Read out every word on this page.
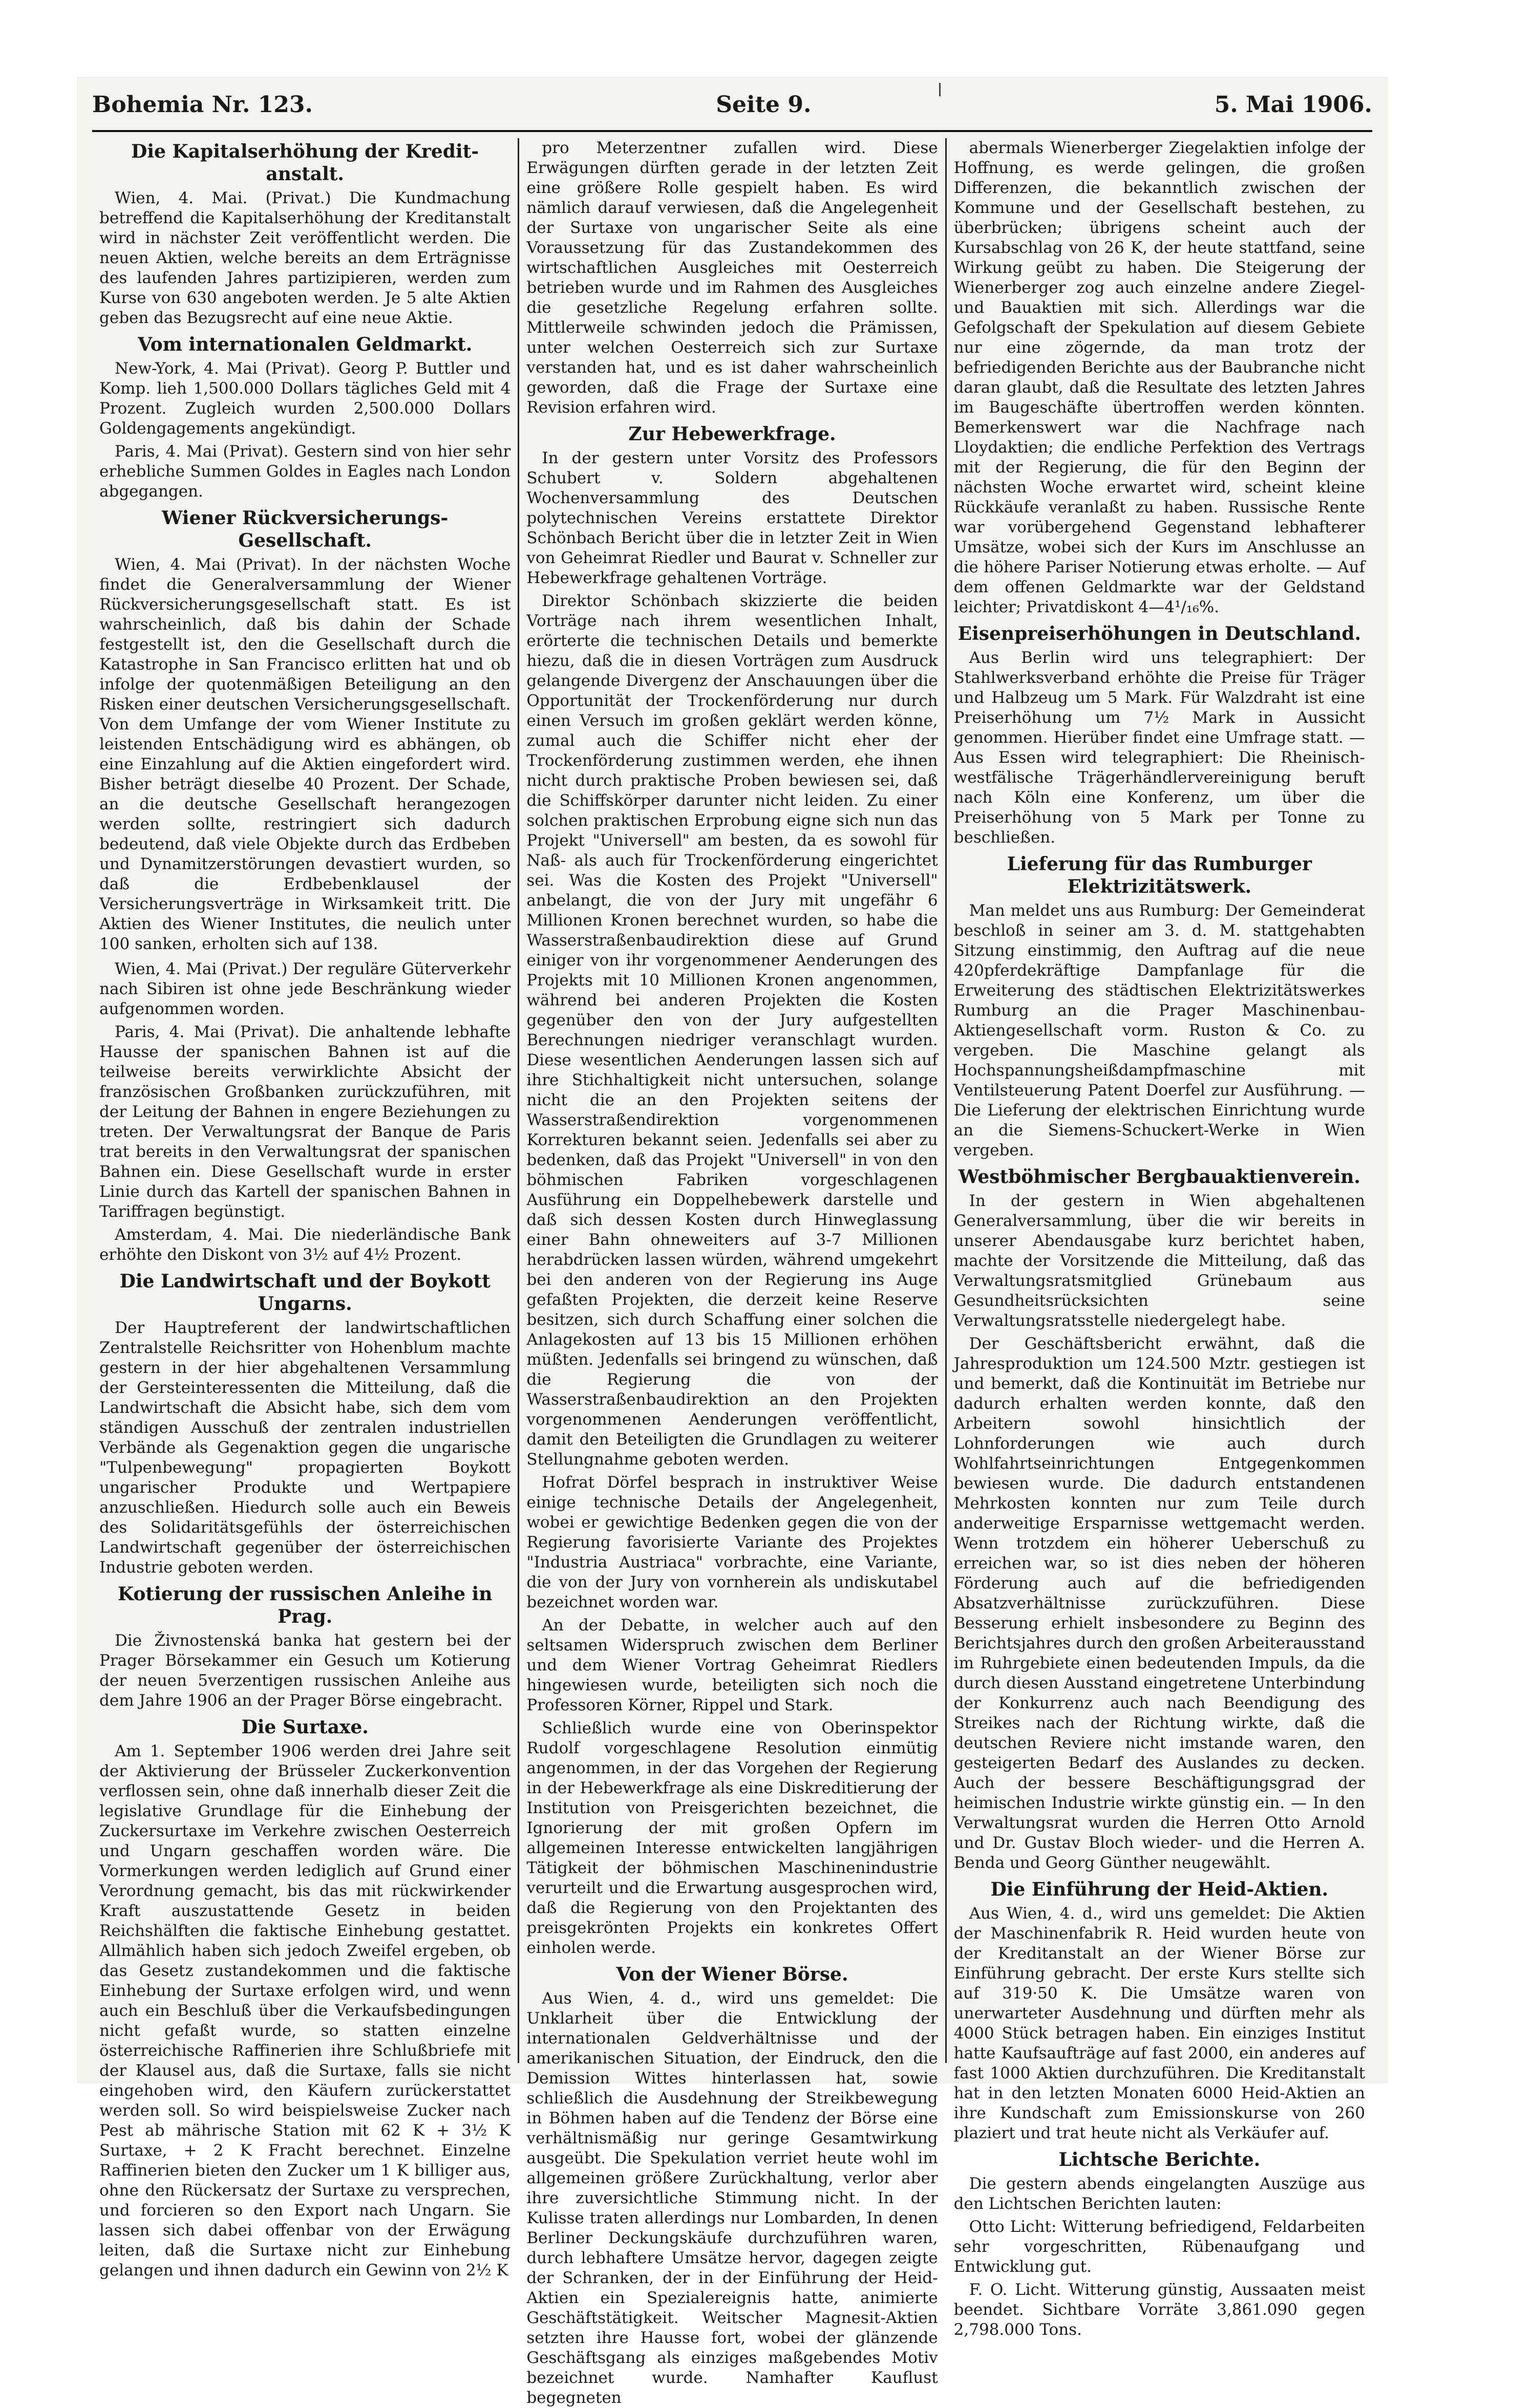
Bohemia Nr. 123.	Seite 9.	5. Mai 1906.
Die Kapitalserhöhung der Kredit-anstalt.

Wien, 4. Mai. (Privat.) Die Kundmachung betreffend die Kapitalserhöhung der Kreditanstalt wird in nächster Zeit veröffentlicht werden. Die neuen Aktien, welche bereits an dem Erträgnisse des laufenden Jahres partizipieren, werden zum Kurse von 630 angeboten werden. Je 5 alte Aktien geben das Bezugsrecht auf eine neue Aktie.

Vom internationalen Geldmarkt.

New-York, 4. Mai (Privat). Georg P. Buttler und Komp. lieh 1,500.000 Dollars tägliches Geld mit 4 Prozent. Zugleich wurden 2,500.000 Dollars Goldengagements angekündigt.

Paris, 4. Mai (Privat). Gestern sind von hier sehr erhebliche Summen Goldes in Eagles nach London abgegangen.

Wiener Rückversicherungs-Gesellschaft.

Wien, 4. Mai (Privat). In der nächsten Woche findet die Generalversammlung der Wiener Rückversicherungsgesellschaft statt. Es ist wahrscheinlich, daß bis dahin der Schade festgestellt ist, den die Gesellschaft durch die Katastrophe in San Francisco erlitten hat und ob infolge der quotenmäßigen Beteiligung an den Risken einer deutschen Versicherungsgesellschaft. Von dem Umfange der vom Wiener Institute zu leistenden Entschädigung wird es abhängen, ob eine Einzahlung auf die Aktien eingefordert wird. Bisher beträgt dieselbe 40 Prozent. Der Schade, an die deutsche Gesellschaft herangezogen werden sollte, restringiert sich dadurch bedeutend, daß viele Objekte durch das Erdbeben und Dynamitzerstörungen devastiert wurden, so daß die Erdbebenklausel der Versicherungsverträge in Wirksamkeit tritt. Die Aktien des Wiener Institutes, die neulich unter 100 sanken, erholten sich auf 138.

Wien, 4. Mai (Privat.) Der reguläre Güterverkehr nach Sibiren ist ohne jede Beschränkung wieder aufgenommen worden.

Paris, 4. Mai (Privat). Die anhaltende lebhafte Hausse der spanischen Bahnen ist auf die teilweise bereits verwirklichte Absicht der französischen Großbanken zurückzuführen, mit der Leitung der Bahnen in engere Beziehungen zu treten. Der Verwaltungsrat der Banque de Paris trat bereits in den Verwaltungsrat der spanischen Bahnen ein. Diese Gesellschaft wurde in erster Linie durch das Kartell der spanischen Bahnen in Tariffragen begünstigt.

Amsterdam, 4. Mai. Die niederländische Bank erhöhte den Diskont von 3½ auf 4½ Prozent.

Die Landwirtschaft und der Boykott Ungarns.

Der Hauptreferent der landwirtschaftlichen Zentralstelle Reichsritter von Hohenblum machte gestern in der hier abgehaltenen Versammlung der Gersteinteressenten die Mitteilung, daß die Landwirtschaft die Absicht habe, sich dem vom ständigen Ausschuß der zentralen industriellen Verbände als Gegenaktion gegen die ungarische "Tulpenbewegung" propagierten Boykott ungarischer Produkte und Wertpapiere anzuschließen. Hiedurch solle auch ein Beweis des Solidaritätsgefühls der österreichischen Landwirtschaft gegenüber der österreichischen Industrie geboten werden.

Kotierung der russischen Anleihe in Prag.

Die Živnostenská banka hat gestern bei der Prager Börsekammer ein Gesuch um Kotierung der neuen 5verzentigen russischen Anleihe aus dem Jahre 1906 an der Prager Börse eingebracht.

Die Surtaxe.

Am 1. September 1906 werden drei Jahre seit der Aktivierung der Brüsseler Zuckerkonvention verflossen sein, ohne daß innerhalb dieser Zeit die legislative Grundlage für die Einhebung der Zuckersurtaxe im Verkehre zwischen Oesterreich und Ungarn geschaffen worden wäre. Die Vormerkungen werden lediglich auf Grund einer Verordnung gemacht, bis das mit rückwirkender Kraft auszustattende Gesetz in beiden Reichshälften die faktische Einhebung gestattet. Allmählich haben sich jedoch Zweifel ergeben, ob das Gesetz zustandekommen und die faktische Einhebung der Surtaxe erfolgen wird, und wenn auch ein Beschluß über die Verkaufsbedingungen nicht gefaßt wurde, so statten einzelne österreichische Raffinerien ihre Schlußbriefe mit der Klausel aus, daß die Surtaxe, falls sie nicht eingehoben wird, den Käufern zurückerstattet werden soll. So wird beispielsweise Zucker nach Pest ab mährische Station mit 62 K + 3½ K Surtaxe, + 2 K Fracht berechnet. Einzelne Raffinerien bieten den Zucker um 1 K billiger aus, ohne den Rückersatz der Surtaxe zu versprechen, und forcieren so den Export nach Ungarn. Sie lassen sich dabei offenbar von der Erwägung leiten, daß die Surtaxe nicht zur Einhebung gelangen und ihnen dadurch ein Gewinn von 2½ K

pro Meterzentner zufallen wird. Diese Erwägungen dürften gerade in der letzten Zeit eine größere Rolle gespielt haben. Es wird nämlich darauf verwiesen, daß die Angelegenheit der Surtaxe von ungarischer Seite als eine Voraussetzung für das Zustandekommen des wirtschaftlichen Ausgleiches mit Oesterreich betrieben wurde und im Rahmen des Ausgleiches die gesetzliche Regelung erfahren sollte. Mittlerweile schwinden jedoch die Prämissen, unter welchen Oesterreich sich zur Surtaxe verstanden hat, und es ist daher wahrscheinlich geworden, daß die Frage der Surtaxe eine Revision erfahren wird.

Zur Hebewerkfrage.

In der gestern unter Vorsitz des Professors Schubert v. Soldern abgehaltenen Wochenversammlung des Deutschen polytechnischen Vereins erstattete Direktor Schönbach Bericht über die in letzter Zeit in Wien von Geheimrat Riedler und Baurat v. Schneller zur Hebewerkfrage gehaltenen Vorträge.

Direktor Schönbach skizzierte die beiden Vorträge nach ihrem wesentlichen Inhalt, erörterte die technischen Details und bemerkte hiezu, daß die in diesen Vorträgen zum Ausdruck gelangende Divergenz der Anschauungen über die Opportunität der Trockenförderung nur durch einen Versuch im großen geklärt werden könne, zumal auch die Schiffer nicht eher der Trockenförderung zustimmen werden, ehe ihnen nicht durch praktische Proben bewiesen sei, daß die Schiffskörper darunter nicht leiden. Zu einer solchen praktischen Erprobung eigne sich nun das Projekt "Universell" am besten, da es sowohl für Naß- als auch für Trockenförderung eingerichtet sei. Was die Kosten des Projekt "Universell" anbelangt, die von der Jury mit ungefähr 6 Millionen Kronen berechnet wurden, so habe die Wasserstraßenbaudirektion diese auf Grund einiger von ihr vorgenommener Aenderungen des Projekts mit 10 Millionen Kronen angenommen, während bei anderen Projekten die Kosten gegenüber den von der Jury aufgestellten Berechnungen niedriger veranschlagt wurden. Diese wesentlichen Aenderungen lassen sich auf ihre Stichhaltigkeit nicht untersuchen, solange nicht die an den Projekten seitens der Wasserstraßendirektion vorgenommenen Korrekturen bekannt seien. Jedenfalls sei aber zu bedenken, daß das Projekt "Universell" in von den böhmischen Fabriken vorgeschlagenen Ausführung ein Doppelhebewerk darstelle und daß sich dessen Kosten durch Hinweglassung einer Bahn ohneweiters auf 3-7 Millionen herabdrücken lassen würden, während umgekehrt bei den anderen von der Regierung ins Auge gefaßten Projekten, die derzeit keine Reserve besitzen, sich durch Schaffung einer solchen die Anlagekosten auf 13 bis 15 Millionen erhöhen müßten. Jedenfalls sei bringend zu wünschen, daß die Regierung die von der Wasserstraßenbaudirektion an den Projekten vorgenommenen Aenderungen veröffentlicht, damit den Beteiligten die Grundlagen zu weiterer Stellungnahme geboten werden.

Hofrat Dörfel besprach in instruktiver Weise einige technische Details der Angelegenheit, wobei er gewichtige Bedenken gegen die von der Regierung favorisierte Variante des Projektes "Industria Austriaca" vorbrachte, eine Variante, die von der Jury von vornherein als undiskutabel bezeichnet worden war.

An der Debatte, in welcher auch auf den seltsamen Widerspruch zwischen dem Berliner und dem Wiener Vortrag Geheimrat Riedlers hingewiesen wurde, beteiligten sich noch die Professoren Körner, Rippel und Stark.

Schließlich wurde eine von Oberinspektor Rudolf vorgeschlagene Resolution einmütig angenommen, in der das Vorgehen der Regierung in der Hebewerkfrage als eine Diskreditierung der Institution von Preisgerichten bezeichnet, die Ignorierung der mit großen Opfern im allgemeinen Interesse entwickelten langjährigen Tätigkeit der böhmischen Maschinenindustrie verurteilt und die Erwartung ausgesprochen wird, daß die Regierung von den Projektanten des preisgekrönten Projekts ein konkretes Offert einholen werde.

Von der Wiener Börse.

Aus Wien, 4. d., wird uns gemeldet: Die Unklarheit über die Entwicklung der internationalen Geldverhältnisse und der amerikanischen Situation, der Eindruck, den die Demission Wittes hinterlassen hat, sowie schließlich die Ausdehnung der Streikbewegung in Böhmen haben auf die Tendenz der Börse eine verhältnismäßig nur geringe Gesamtwirkung ausgeübt. Die Spekulation verriet heute wohl im allgemeinen größere Zurückhaltung, verlor aber ihre zuversichtliche Stimmung nicht. In der Kulisse traten allerdings nur Lombarden, In denen Berliner Deckungskäufe durchzuführen waren, durch lebhaftere Umsätze hervor, dagegen zeigte der Schranken, der in der Einführung der Heid-Aktien ein Spezialereignis hatte, animierte Geschäftstätigkeit. Weitscher Magnesit-Aktien setzten ihre Hausse fort, wobei der glänzende Geschäftsgang als einziges maßgebendes Motiv bezeichnet wurde. Namhafter Kauflust begegneten

abermals Wienerberger Ziegelaktien infolge der Hoffnung, es werde gelingen, die großen Differenzen, die bekanntlich zwischen der Kommune und der Gesellschaft bestehen, zu überbrücken; übrigens scheint auch der Kursabschlag von 26 K, der heute stattfand, seine Wirkung geübt zu haben. Die Steigerung der Wienerberger zog auch einzelne andere Ziegel- und Bauaktien mit sich. Allerdings war die Gefolgschaft der Spekulation auf diesem Gebiete nur eine zögernde, da man trotz der befriedigenden Berichte aus der Baubranche nicht daran glaubt, daß die Resultate des letzten Jahres im Baugeschäfte übertroffen werden könnten. Bemerkenswert war die Nachfrage nach Lloydaktien; die endliche Perfektion des Vertrags mit der Regierung, die für den Beginn der nächsten Woche erwartet wird, scheint kleine Rückkäufe veranlaßt zu haben. Russische Rente war vorübergehend Gegenstand lebhafterer Umsätze, wobei sich der Kurs im Anschlusse an die höhere Pariser Notierung etwas erholte. — Auf dem offenen Geldmarkte war der Geldstand leichter; Privatdiskont 4—4¹/₁₆%.

Eisenpreiserhöhungen in Deutschland.

Aus Berlin wird uns telegraphiert: Der Stahlwerksverband erhöhte die Preise für Träger und Halbzeug um 5 Mark. Für Walzdraht ist eine Preiserhöhung um 7½ Mark in Aussicht genommen. Hierüber findet eine Umfrage statt. — Aus Essen wird telegraphiert: Die Rheinisch-westfälische Trägerhändlervereinigung beruft nach Köln eine Konferenz, um über die Preiserhöhung von 5 Mark per Tonne zu beschließen.

Lieferung für das Rumburger Elektrizitätswerk.

Man meldet uns aus Rumburg: Der Gemeinderat beschloß in seiner am 3. d. M. stattgehabten Sitzung einstimmig, den Auftrag auf die neue 420pferdekräftige Dampfanlage für die Erweiterung des städtischen Elektrizitätswerkes Rumburg an die Prager Maschinenbau-Aktiengesellschaft vorm. Ruston & Co. zu vergeben. Die Maschine gelangt als Hochspannungsheißdampfmaschine mit Ventilsteuerung Patent Doerfel zur Ausführung. — Die Lieferung der elektrischen Einrichtung wurde an die Siemens-Schuckert-Werke in Wien vergeben.

Westböhmischer Bergbauaktienverein.

In der gestern in Wien abgehaltenen Generalversammlung, über die wir bereits in unserer Abendausgabe kurz berichtet haben, machte der Vorsitzende die Mitteilung, daß das Verwaltungsratsmitglied Grünebaum aus Gesundheitsrücksichten seine Verwaltungsratsstelle niedergelegt habe.

Der Geschäftsbericht erwähnt, daß die Jahresproduktion um 124.500 Mztr. gestiegen ist und bemerkt, daß die Kontinuität im Betriebe nur dadurch erhalten werden konnte, daß den Arbeitern sowohl hinsichtlich der Lohnforderungen wie auch durch Wohlfahrtseinrichtungen Entgegenkommen bewiesen wurde. Die dadurch entstandenen Mehrkosten konnten nur zum Teile durch anderweitige Ersparnisse wettgemacht werden. Wenn trotzdem ein höherer Ueberschuß zu erreichen war, so ist dies neben der höheren Förderung auch auf die befriedigenden Absatzverhältnisse zurückzuführen. Diese Besserung erhielt insbesondere zu Beginn des Berichtsjahres durch den großen Arbeiterausstand im Ruhrgebiete einen bedeutenden Impuls, da die durch diesen Ausstand eingetretene Unterbindung der Konkurrenz auch nach Beendigung des Streikes nach der Richtung wirkte, daß die deutschen Reviere nicht imstande waren, den gesteigerten Bedarf des Auslandes zu decken. Auch der bessere Beschäftigungsgrad der heimischen Industrie wirkte günstig ein. — In den Verwaltungsrat wurden die Herren Otto Arnold und Dr. Gustav Bloch wieder- und die Herren A. Benda und Georg Günther neugewählt.

Die Einführung der Heid-Aktien.

Aus Wien, 4. d., wird uns gemeldet: Die Aktien der Maschinenfabrik R. Heid wurden heute von der Kreditanstalt an der Wiener Börse zur Einführung gebracht. Der erste Kurs stellte sich auf 319·50 K. Die Umsätze waren von unerwarteter Ausdehnung und dürften mehr als 4000 Stück betragen haben. Ein einziges Institut hatte Kaufsaufträge auf fast 2000, ein anderes auf fast 1000 Aktien durchzuführen. Die Kreditanstalt hat in den letzten Monaten 6000 Heid-Aktien an ihre Kundschaft zum Emissionskurse von 260 plaziert und trat heute nicht als Verkäufer auf.

Lichtsche Berichte.

Die gestern abends eingelangten Auszüge aus den Lichtschen Berichten lauten:

Otto Licht: Witterung befriedigend, Feldarbeiten sehr vorgeschritten, Rübenaufgang und Entwicklung gut.

F. O. Licht. Witterung günstig, Aussaaten meist beendet. Sichtbare Vorräte 3,861.090 gegen 2,798.000 Tons.
